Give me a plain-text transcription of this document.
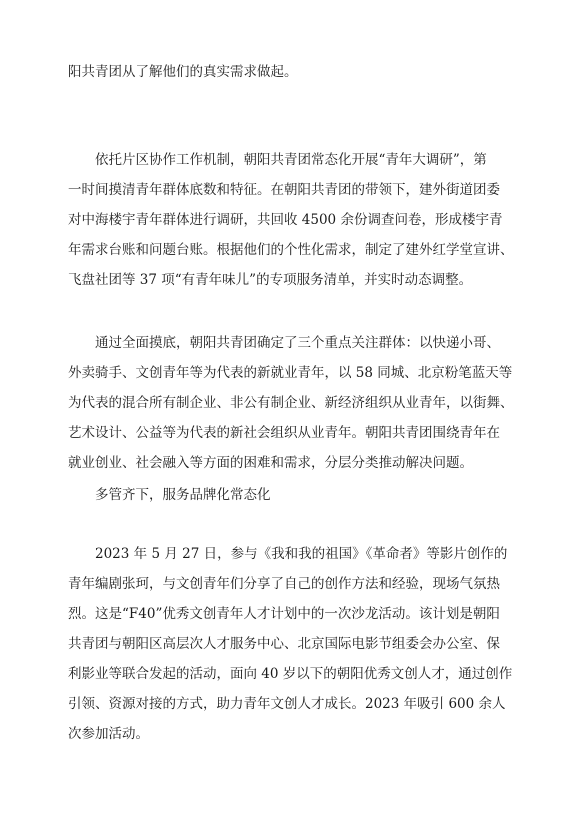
阳共青团从了解他们的真实需求做起。
依托片区协作工作机制，朝阳共青团常态化开展“青年大调研”，第
一时间摸清青年群体底数和特征。在朝阳共青团的带领下，建外街道团委
对中海楼宇青年群体进行调研，共回收 4500 余份调查问卷，形成楼宇青
年需求台账和问题台账。根据他们的个性化需求，制定了建外红学堂宣讲、
飞盘社团等 37 项“有青年味儿”的专项服务清单，并实时动态调整。
通过全面摸底，朝阳共青团确定了三个重点关注群体：以快递小哥、
外卖骑手、文创青年等为代表的新就业青年，以 58 同城、北京粉笔蓝天等
为代表的混合所有制企业、非公有制企业、新经济组织从业青年，以街舞、
艺术设计、公益等为代表的新社会组织从业青年。朝阳共青团围绕青年在
就业创业、社会融入等方面的困难和需求，分层分类推动解决问题。
多管齐下，服务品牌化常态化
2023 年 5 月 27 日，参与《我和我的祖国》《革命者》等影片创作的
青年编剧张珂，与文创青年们分享了自己的创作方法和经验，现场气氛热
烈。这是“F40”优秀文创青年人才计划中的一次沙龙活动。该计划是朝阳
共青团与朝阳区高层次人才服务中心、北京国际电影节组委会办公室、保
利影业等联合发起的活动，面向 40 岁以下的朝阳优秀文创人才，通过创作
引领、资源对接的方式，助力青年文创人才成长。2023 年吸引 600 余人
次参加活动。
